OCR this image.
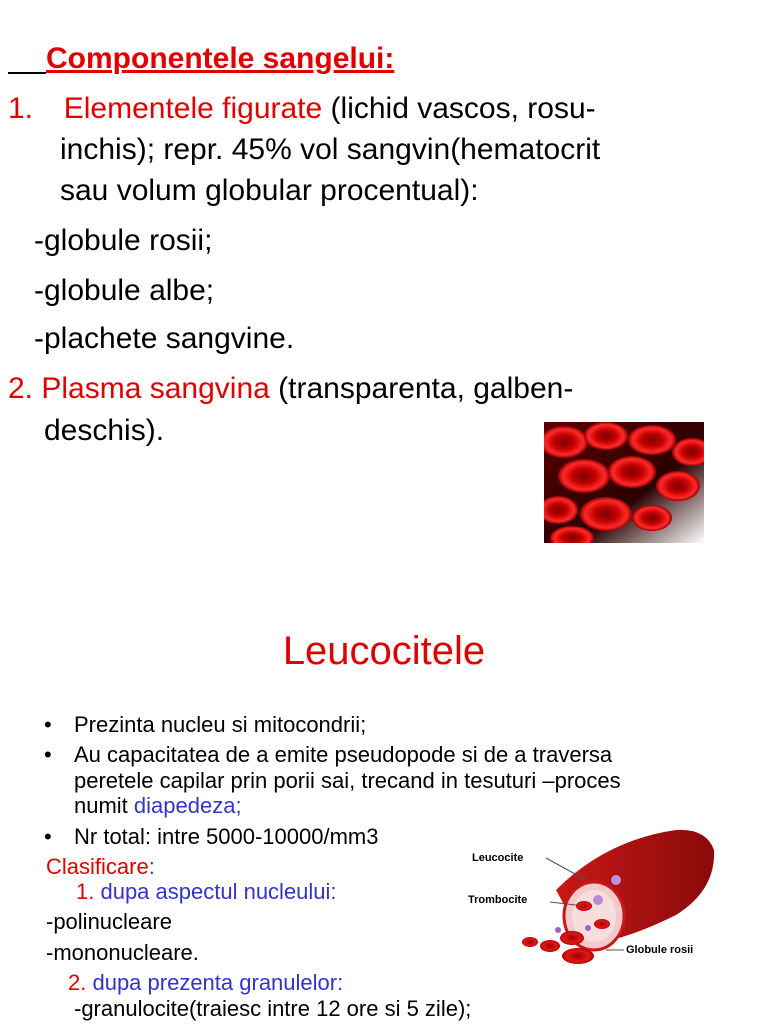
Componentele sangelui:
1. Elementele figurate (lichid vascos, rosu-
inchis); repr. 45% vol sangvin(hematocrit
sau volum globular procentual):
-globule rosii;
-globule albe;
-plachete sangvine.
2. Plasma sangvina (transparenta, galben-
deschis).
Leucocitele
• Prezinta nucleu si mitocondrii;
• Au capacitatea de a emite pseudopode si de a traversa
peretele capilar prin porii sai, trecand in tesuturi –proces
numit diapedeza;
• Nr total: intre 5000-10000/mm3
Clasificare:
1. dupa aspectul nucleului:
-polinucleare
-mononucleare.
2. dupa prezenta granulelor:
-granulocite(traiesc intre 12 ore si 5 zile);
Leucocite
Trombocite
Globule rosii
